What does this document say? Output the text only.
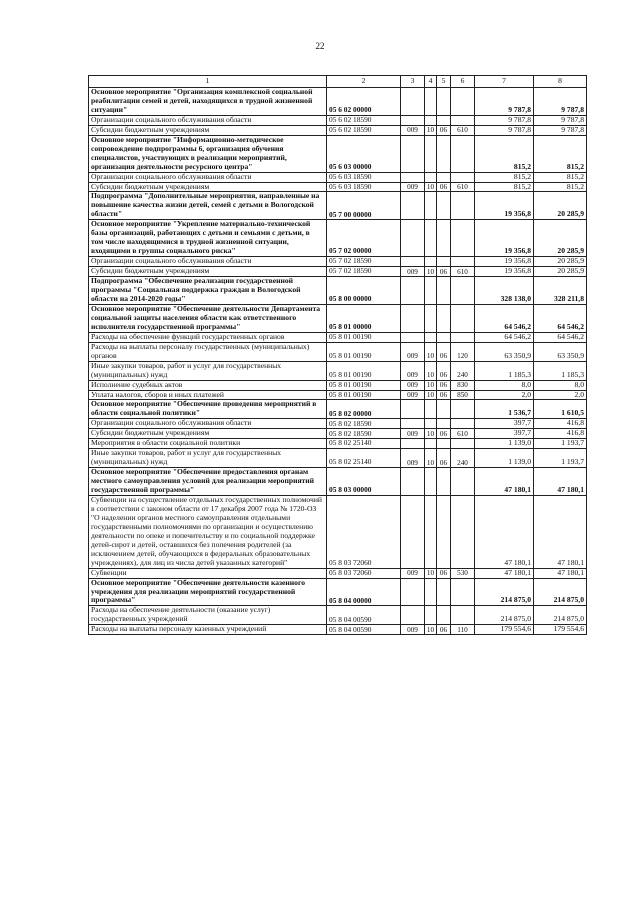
22
1	2	3	4	5	6	7	8
Основное мероприятие "Организация комплексной социальной реабилитации семей и детей, находящихся в трудной жизненной ситуации"	05 6 02 00000					9 787,8	9 787,8
Организации социального обслуживания области	05 6 02 18590					9 787,8	9 787,8
Субсидии бюджетным учреждениям	05 6 02 18590	009	10	06	610	9 787,8	9 787,8
Основное мероприятие "Информационно-методическое сопровождение подпрограммы 6, организация обучения специалистов, участвующих в реализации мероприятий, организация деятельности ресурсного центра"	05 6 03 00000					815,2	815,2
Организации социального обслуживания области	05 6 03 18590					815,2	815,2
Субсидии бюджетным учреждениям	05 6 03 18590	009	10	06	610	815,2	815,2
Подпрограмма "Дополнительные мероприятия, направленные на повышение качества жизни детей, семей с детьми в Вологодской области"	05 7 00 00000					19 356,8	20 285,9
Основное мероприятие "Укрепление материально-технической базы организаций, работающих с детьми и семьями с детьми, в том числе находящимися в трудной жизненной ситуации, входящими в группы социального риска"	05 7 02 00000					19 356,8	20 285,9
Организации социального обслуживания области	05 7 02 18590					19 356,8	20 285,9
Субсидии бюджетным учреждениям	05 7 02 18590	009	10	06	610	19 356,8	20 285,9
Подпрограмма "Обеспечение реализации государственной программы "Социальная поддержка граждан в Вологодской области на 2014-2020 годы"	05 8 00 00000					328 138,0	328 211,8
Основное мероприятие "Обеспечение деятельности Департамента социальной защиты населения области как ответственного исполнителя государственной программы"	05 8 01 00000					64 546,2	64 546,2
Расходы на обеспечение функций государственных органов	05 8 01 00190					64 546,2	64 546,2
Расходы на выплаты персоналу государственных (муниципальных) органов	05 8 01 00190	009	10	06	120	63 350,9	63 350,9
Иные закупки товаров, работ и услуг для государственных (муниципальных) нужд	05 8 01 00190	009	10	06	240	1 185,3	1 185,3
Исполнение судебных актов	05 8 01 00190	009	10	06	830	8,0	8,0
Уплата налогов, сборов и иных платежей	05 8 01 00190	009	10	06	850	2,0	2,0
Основное мероприятие "Обеспечение проведения мероприятий в области социальной политики"	05 8 02 00000					1 536,7	1 610,5
Организации социального обслуживания области	05 8 02 18590					397,7	416,8
Субсидии бюджетным учреждениям	05 8 02 18590	009	10	06	610	397,7	416,8
Мероприятия в области социальной политики	05 8 02 25140					1 139,0	1 193,7
Иные закупки товаров, работ и услуг для государственных (муниципальных) нужд	05 8 02 25140	009	10	06	240	1 139,0	1 193,7
Основное мероприятие "Обеспечение предоставления органам местного самоуправления условий для реализации мероприятий государственной программы"	05 8 03 00000					47 180,1	47 180,1
Субвенции на осуществление отдельных государственных полномочий в соответствии с законом области от 17 декабря 2007 года № 1720-ОЗ "О наделении органов местного самоуправления отдельными государственными полномочиями по организации и осуществлению деятельности по опеке и попечительству и по социальной поддержке детей-сирот и детей, оставшихся без попечения родителей (за исключением детей, обучающихся в федеральных образовательных учреждениях), для лиц из числа детей указанных категорий"	05 8 03 72060					47 180,1	47 180,1
Субвенции	05 8 03 72060	009	10	06	530	47 180,1	47 180,1
Основное мероприятие "Обеспечение деятельности казенного учреждения для реализации мероприятий государственной программы"	05 8 04 00000					214 875,0	214 875,0
Расходы на обеспечение деятельности (оказание услуг) государственных учреждений	05 8 04 00590					214 875,0	214 875,0
Расходы на выплаты персоналу казенных учреждений	05 8 04 00590	009	10	06	110	179 554,6	179 554,6
